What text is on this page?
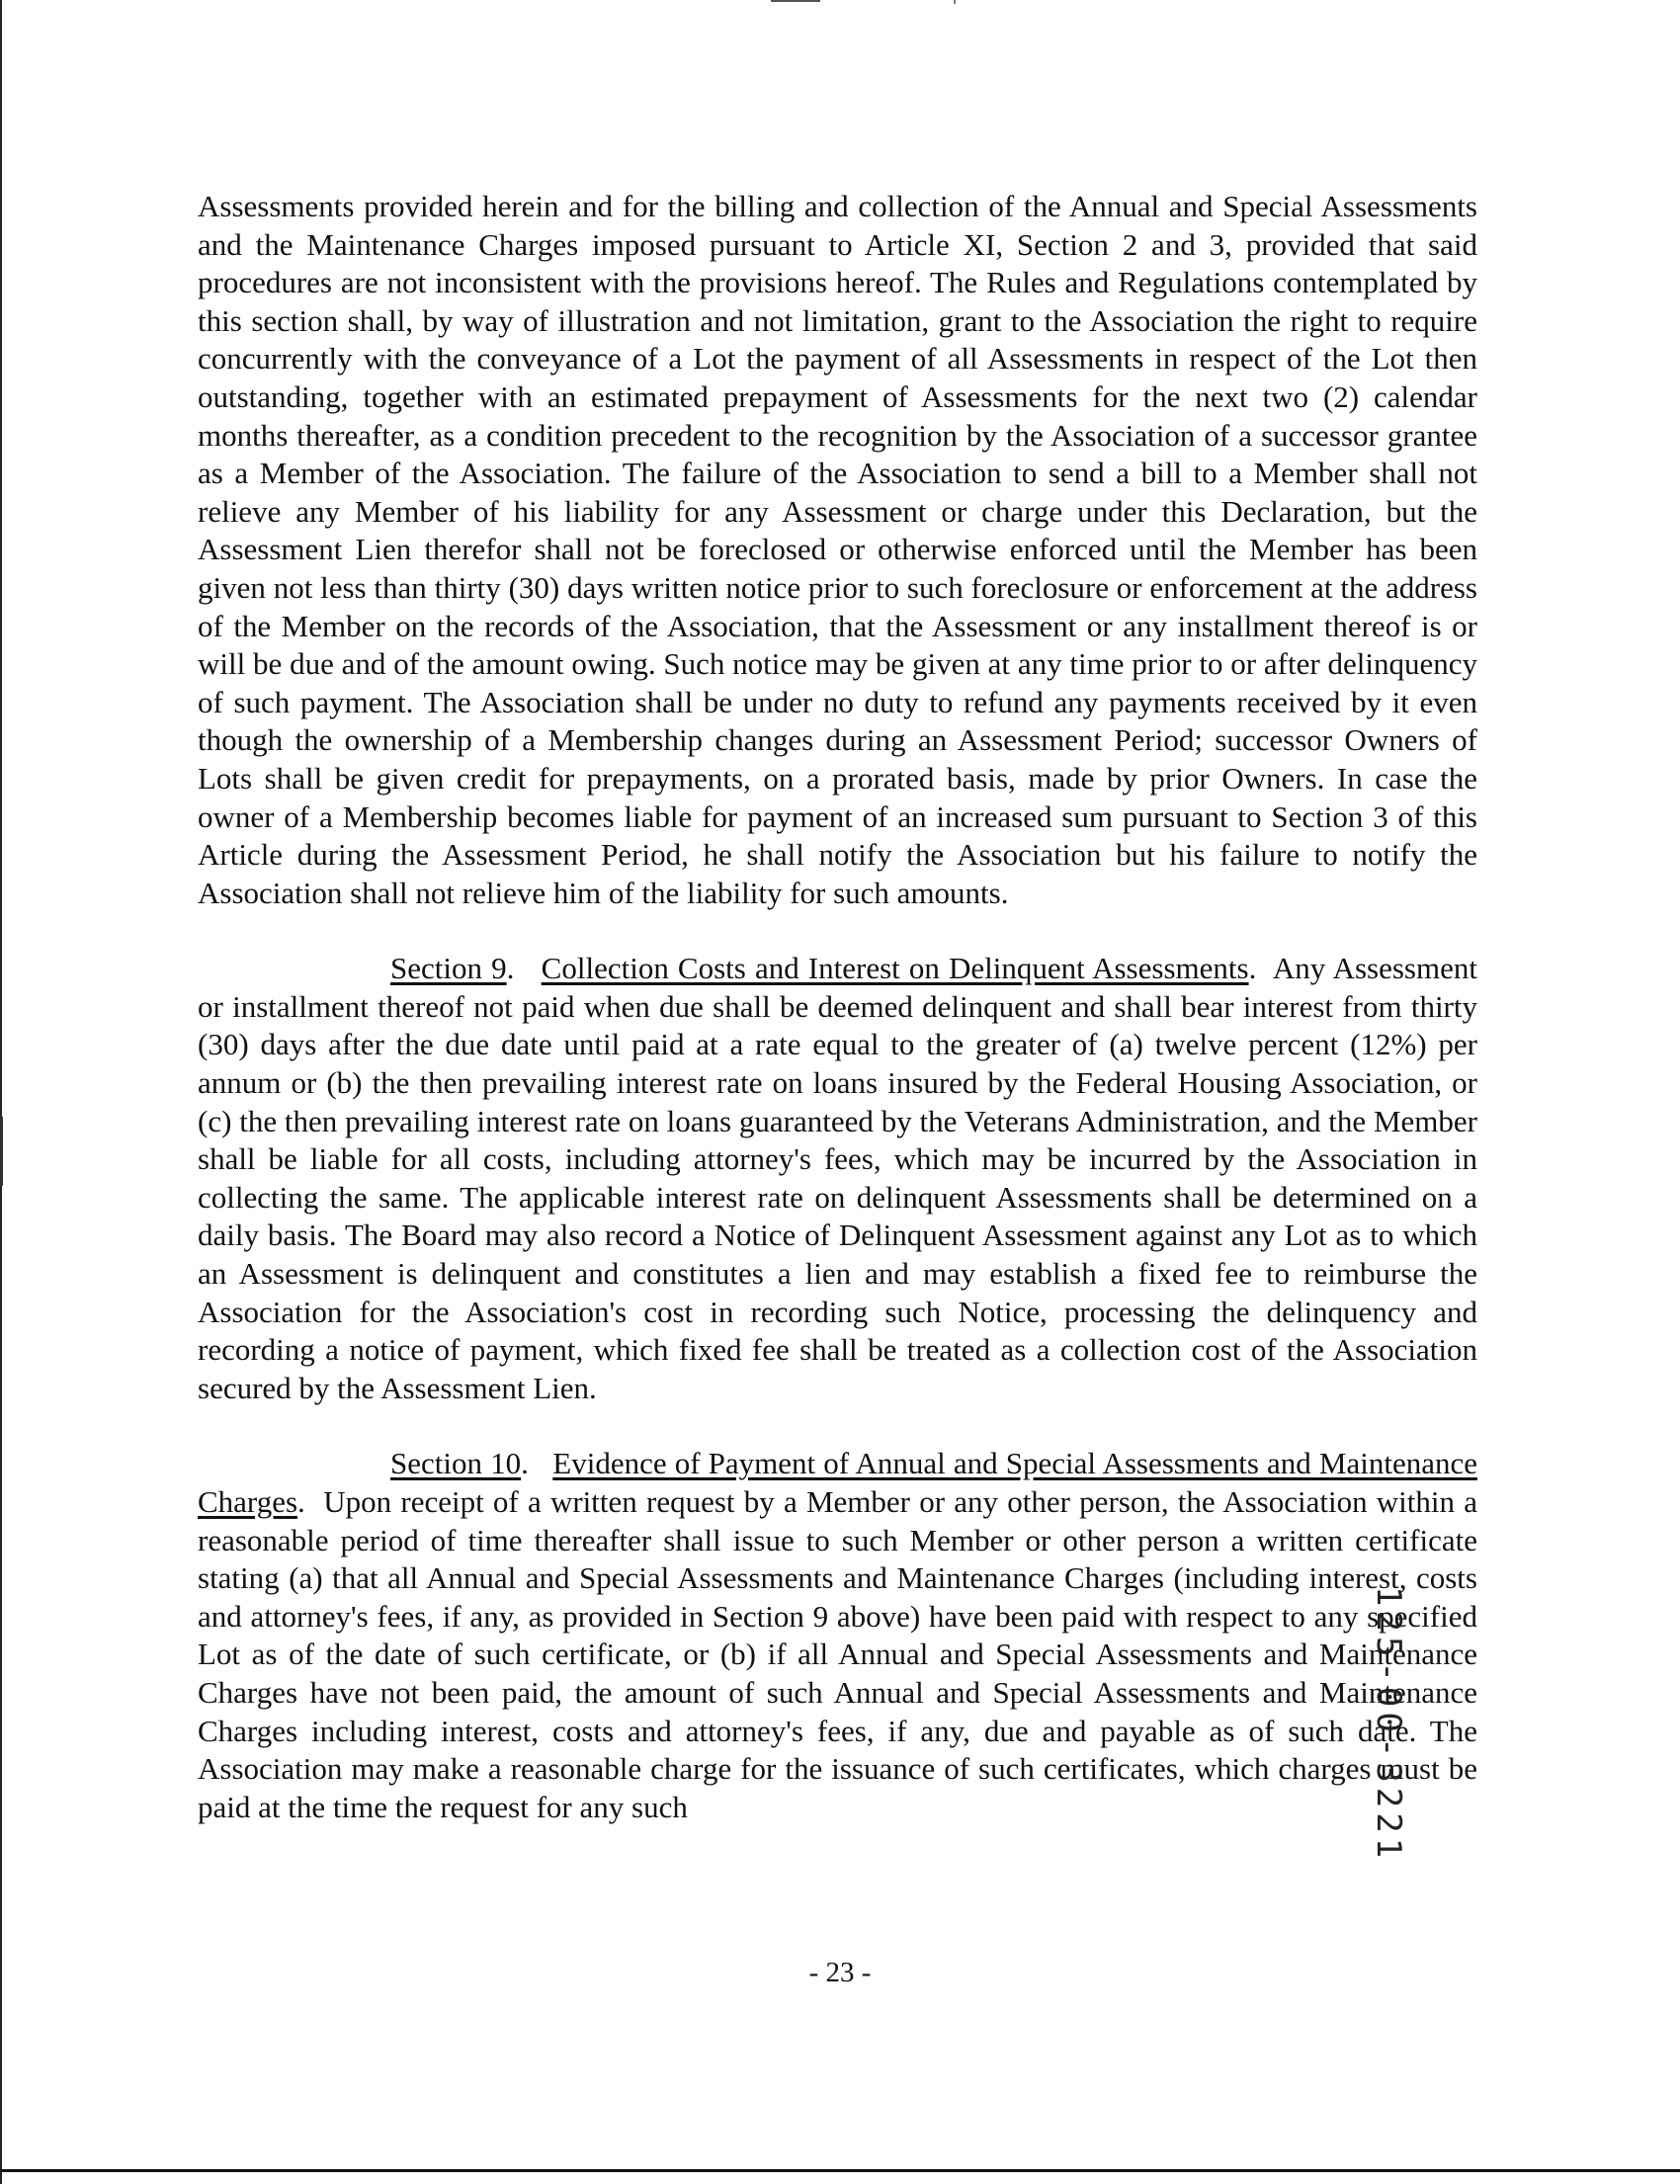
Assessments provided herein and for the billing and collection of the Annual and Special Assessments and the Maintenance Charges imposed pursuant to Article XI, Section 2 and 3, provided that said procedures are not inconsistent with the provisions hereof. The Rules and Regulations contemplated by this section shall, by way of illustration and not limitation, grant to the Association the right to require concurrently with the conveyance of a Lot the payment of all Assessments in respect of the Lot then outstanding, together with an estimated prepayment of Assessments for the next two (2) calendar months thereafter, as a condition precedent to the recognition by the Association of a successor grantee as a Member of the Association. The failure of the Association to send a bill to a Member shall not relieve any Member of his liability for any Assessment or charge under this Declaration, but the Assessment Lien therefor shall not be foreclosed or otherwise enforced until the Member has been given not less than thirty (30) days written notice prior to such foreclosure or enforcement at the address of the Member on the records of the Association, that the Assessment or any installment thereof is or will be due and of the amount owing. Such notice may be given at any time prior to or after delinquency of such payment. The Association shall be under no duty to refund any payments received by it even though the ownership of a Membership changes during an Assessment Period; successor Owners of Lots shall be given credit for prepayments, on a prorated basis, made by prior Owners. In case the owner of a Membership becomes liable for payment of an increased sum pursuant to Section 3 of this Article during the Assessment Period, he shall notify the Association but his failure to notify the Association shall not relieve him of the liability for such amounts.

Section 9.   Collection Costs and Interest on Delinquent Assessments.  Any Assessment or installment thereof not paid when due shall be deemed delinquent and shall bear interest from thirty (30) days after the due date until paid at a rate equal to the greater of (a) twelve percent (12%) per annum or (b) the then prevailing interest rate on loans insured by the Federal Housing Association, or (c) the then prevailing interest rate on loans guaranteed by the Veterans Administration, and the Member shall be liable for all costs, including attorney's fees, which may be incurred by the Association in collecting the same. The applicable interest rate on delinquent Assessments shall be determined on a daily basis. The Board may also record a Notice of Delinquent Assessment against any Lot as to which an Assessment is delinquent and constitutes a lien and may establish a fixed fee to reimburse the Association for the Association's cost in recording such Notice, processing the delinquency and recording a notice of payment, which fixed fee shall be treated as a collection cost of the Association secured by the Assessment Lien.

Section 10.   Evidence of Payment of Annual and Special Assessments and Maintenance Charges.  Upon receipt of a written request by a Member or any other person, the Association within a reasonable period of time thereafter shall issue to such Member or other person a written certificate stating (a) that all Annual and Special Assessments and Maintenance Charges (including interest, costs and attorney's fees, if any, as provided in Section 9 above) have been paid with respect to any specified Lot as of the date of such certificate, or (b) if all Annual and Special Assessments and Maintenance Charges have not been paid, the amount of such Annual and Special Assessments and Maintenance Charges including interest, costs and attorney's fees, if any, due and payable as of such date. The Association may make a reasonable charge for the issuance of such certificates, which charges must be paid at the time the request for any such

- 23 -
125-00-3221
